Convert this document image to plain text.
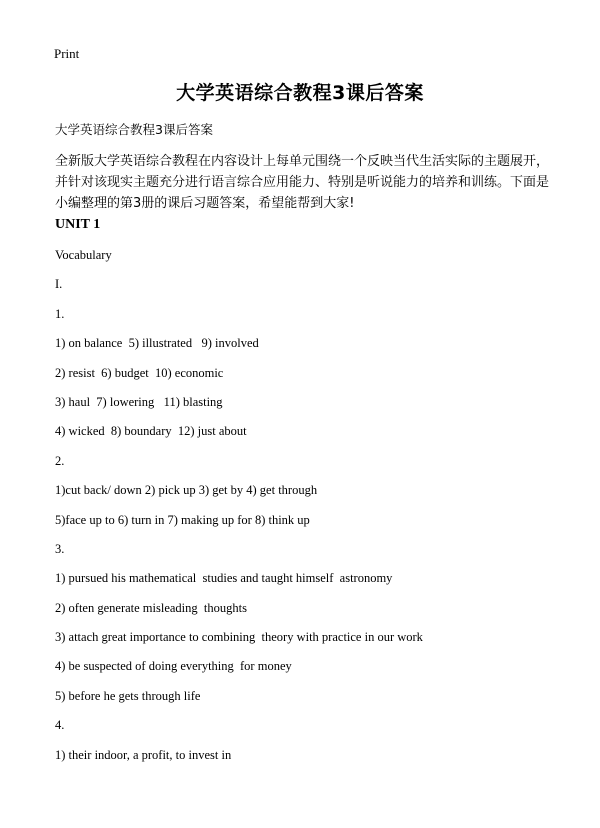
Print
大学英语综合教程3课后答案
大学英语综合教程3课后答案
全新版大学英语综合教程在内容设计上每单元围绕一个反映当代生活实际的主题展开，并针对该现实主题充分进行语言综合应用能力、特别是听说能力的培养和训练。下面是小编整理的第3册的课后习题答案，希望能帮到大家!
UNIT 1
Vocabulary
I.
1.
1) on balance  5) illustrated   9) involved
2) resist  6) budget  10) economic
3) haul  7) lowering   11) blasting
4) wicked  8) boundary  12) just about
2.
1)cut back/ down 2) pick up 3) get by 4) get through
5)face up to 6) turn in 7) making up for 8) think up
3.
1) pursued his mathematical  studies and taught himself  astronomy
2) often generate misleading  thoughts
3) attach great importance to combining  theory with practice in our work
4) be suspected of doing everything  for money
5) before he gets through life
4.
1) their indoor, a profit, to invest in
